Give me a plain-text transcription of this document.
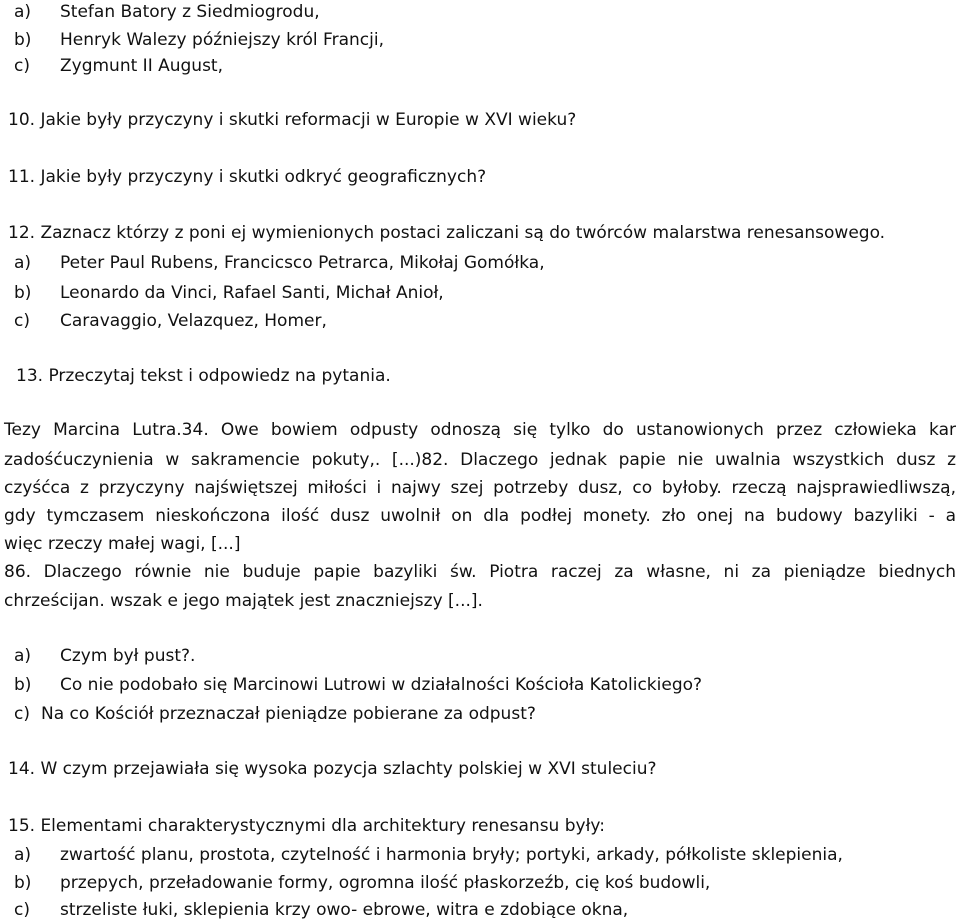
a) Stefan Batory z Siedmiogrodu,
b) Henryk Walezy późniejszy król Francji,
c) Zygmunt II August,
10. Jakie były przyczyny i skutki reformacji w Europie w XVI wieku?
11. Jakie były przyczyny i skutki odkryć geograficznych?
12. Zaznacz którzy z poni ej wymienionych postaci zaliczani są do twórców malarstwa renesansowego.
a) Peter Paul Rubens, Francicsco Petrarca, Mikołaj Gomółka,
b) Leonardo da Vinci, Rafael Santi, Michał Anioł,
c) Caravaggio, Velazquez, Homer,
13. Przeczytaj tekst i odpowiedz na pytania.
Tezy Marcina Lutra.34. Owe bowiem odpusty odnoszą się tylko do ustanowionych przez człowieka kar
zadośćuczynienia w sakramencie pokuty,. [...)82. Dlaczego jednak papie nie uwalnia wszystkich dusz z
czyśćca z przyczyny najświętszej miłości i najwy szej potrzeby dusz, co byłoby. rzeczą najsprawiedliwszą,
gdy tymczasem nieskończona ilość dusz uwolnił on dla podłej monety. zło onej na budowy bazyliki - a
więc rzeczy małej wagi, [...]
86. Dlaczego równie nie buduje papie bazyliki św. Piotra raczej za własne, ni za pieniądze biednych
chrześcijan. wszak e jego majątek jest znaczniejszy [...].
a) Czym był pust?.
b) Co nie podobało się Marcinowi Lutrowi w działalności Kościoła Katolickiego?
c) Na co Kościół przeznaczał pieniądze pobierane za odpust?
14. W czym przejawiała się wysoka pozycja szlachty polskiej w XVI stuleciu?
15. Elementami charakterystycznymi dla architektury renesansu były:
a) zwartość planu, prostota, czytelność i harmonia bryły; portyki, arkady, półkoliste sklepienia,
b) przepych, przeładowanie formy, ogromna ilość płaskorzeźb, cię koś budowli,
c) strzeliste łuki, sklepienia krzy owo- ebrowe, witra e zdobiące okna,
